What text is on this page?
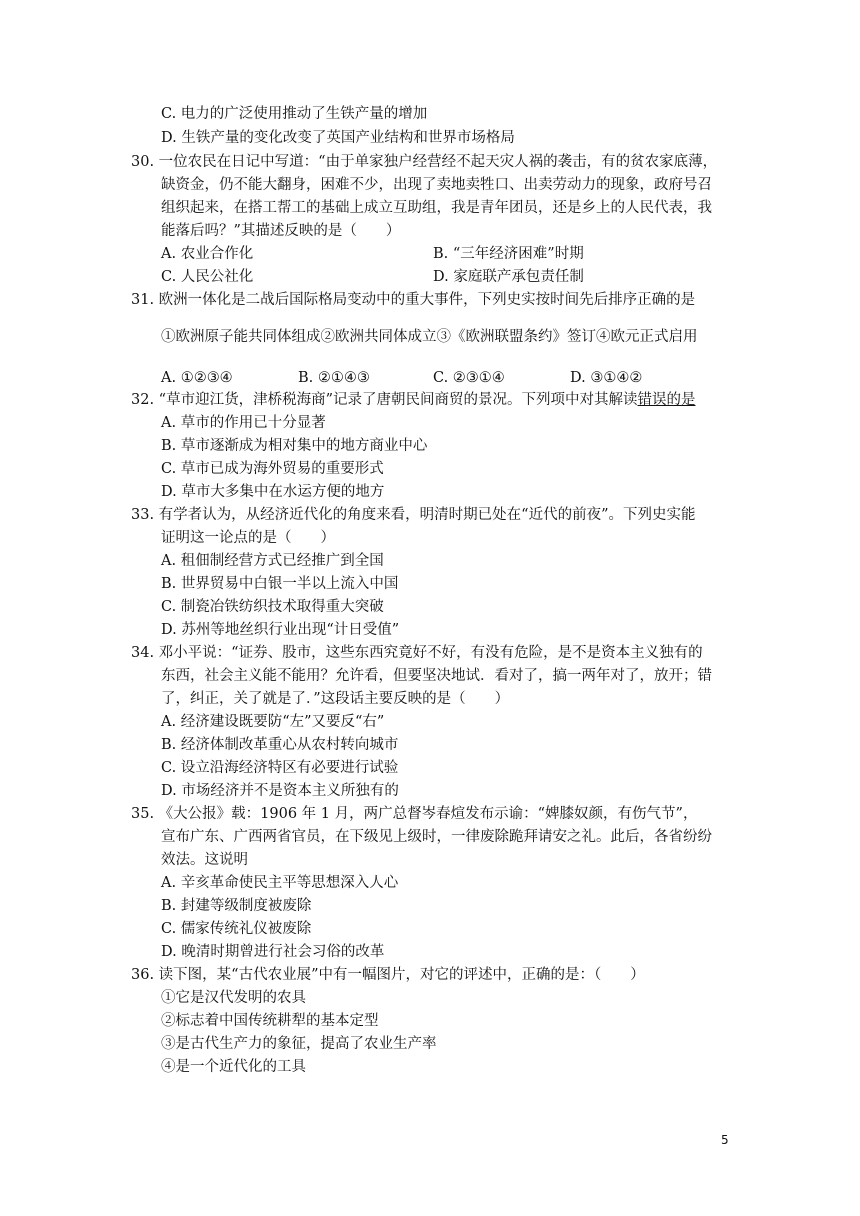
C. 电力的广泛使用推动了生铁产量的增加
D. 生铁产量的变化改变了英国产业结构和世界市场格局
30. 一位农民在日记中写道：“由于单家独户经营经不起天灾人祸的袭击，有的贫农家底薄，
缺资金，仍不能大翻身，困难不少，出现了卖地卖牲口、出卖劳动力的现象，政府号召
组织起来，在搭工帮工的基础上成立互助组，我是青年团员，还是乡上的人民代表，我
能落后吗？”其描述反映的是（　　）
A. 农业合作化	B. “三年经济困难”时期
C. 人民公社化	D. 家庭联产承包责任制
31. 欧洲一体化是二战后国际格局变动中的重大事件，下列史实按时间先后排序正确的是
①欧洲原子能共同体组成②欧洲共同体成立③《欧洲联盟条约》签订④欧元正式启用
A. ①②③④	B. ②①④③	C. ②③①④	D. ③①④②
32. “草市迎江货，津桥税海商”记录了唐朝民间商贸的景况。下列项中对其解读错误的是
A. 草市的作用已十分显著
B. 草市逐渐成为相对集中的地方商业中心
C. 草市已成为海外贸易的重要形式
D. 草市大多集中在水运方便的地方
33. 有学者认为，从经济近代化的角度来看，明清时期已处在“近代的前夜”。下列史实能
证明这一论点的是（　　）
A. 租佃制经营方式已经推广到全国
B. 世界贸易中白银一半以上流入中国
C. 制瓷冶铁纺织技术取得重大突破
D. 苏州等地丝织行业出现“计日受值”
34. 邓小平说：“证券、股市，这些东西究竟好不好，有没有危险，是不是资本主义独有的
东西，社会主义能不能用？允许看，但要坚决地试．看对了，搞一两年对了，放开；错
了，纠正，关了就是了．”这段话主要反映的是（　　）
A. 经济建设既要防“左”又要反“右”
B. 经济体制改革重心从农村转向城市
C. 设立沿海经济特区有必要进行试验
D. 市场经济并不是资本主义所独有的
35. 《大公报》载：1906 年 1 月，两广总督岑春煊发布示谕：“婢膝奴颜，有伤气节”，
宣布广东、广西两省官员，在下级见上级时，一律废除跪拜请安之礼。此后，各省纷纷
效法。这说明
A. 辛亥革命使民主平等思想深入人心
B. 封建等级制度被废除
C. 儒家传统礼仪被废除
D. 晚清时期曾进行社会习俗的改革
36. 读下图，某“古代农业展”中有一幅图片，对它的评述中，正确的是：（　　）
①它是汉代发明的农具
②标志着中国传统耕犁的基本定型
③是古代生产力的象征，提高了农业生产率
④是一个近代化的工具
5
